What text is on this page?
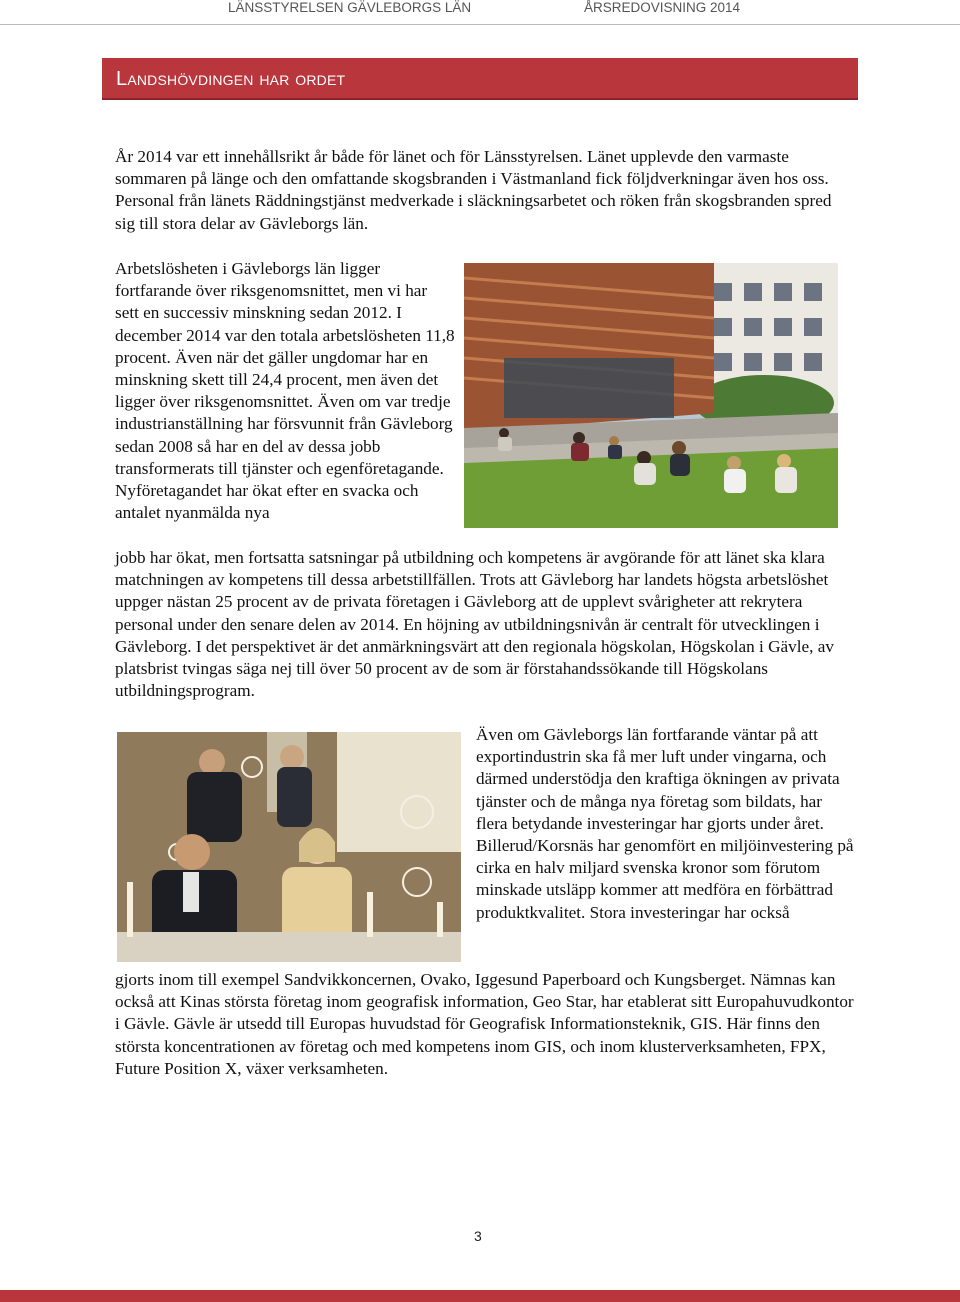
LÄNSSTYRELSEN GÄVLEBORGS LÄN	ÅRSREDOVISNING 2014
Landshövdingen har ordet

År 2014 var ett innehållsrikt år både för länet och för Länsstyrelsen. Länet upplevde den varmaste sommaren på länge och den omfattande skogsbranden i Västmanland fick följdverkningar även hos oss. Personal från länets Räddningstjänst medverkade i släckningsarbetet och röken från skogsbranden spred sig till stora delar av Gävleborgs län.

Arbetslösheten i Gävleborgs län ligger fortfarande över riksgenomsnittet, men vi har sett en successiv minskning sedan 2012. I december 2014 var den totala arbetslösheten 11,8 procent. Även när det gäller ungdomar har en minskning skett till 24,4 procent, men även det ligger över riksgenomsnittet. Även om var tredje industrianställning har försvunnit från Gävleborg sedan 2008 så har en del av dessa jobb transformerats till tjänster och egenföretagande. Nyföretagandet har ökat efter en svacka och antalet nyanmälda nya

jobb har ökat, men fortsatta satsningar på utbildning och kompetens är avgörande för att länet ska klara matchningen av kompetens till dessa arbetstillfällen. Trots att Gävleborg har landets högsta arbetslöshet uppger nästan 25 procent av de privata företagen i Gävleborg att de upplevt svårigheter att rekrytera personal under den senare delen av 2014. En höjning av utbildningsnivån är centralt för utvecklingen i Gävleborg. I det perspektivet är det anmärkningsvärt att den regionala högskolan, Högskolan i Gävle, av platsbrist tvingas säga nej till över 50 procent av de som är förstahandssökande till Högskolans utbildningsprogram.

Även om Gävleborgs län fortfarande väntar på att exportindustrin ska få mer luft under vingarna, och därmed understödja den kraftiga ökningen av privata tjänster och de många nya företag som bildats, har flera betydande investeringar har gjorts under året. Billerud/Korsnäs har genomfört en miljöinvestering på cirka en halv miljard svenska kronor som förutom minskade utsläpp kommer att medföra en förbättrad produktkvalitet. Stora investeringar har också

gjorts inom till exempel Sandvikkoncernen, Ovako, Iggesund Paperboard och Kungsberget. Nämnas kan också att Kinas största företag inom geografisk information, Geo Star, har etablerat sitt Europahuvudkontor i Gävle. Gävle är utsedd till Europas huvudstad för Geografisk Informationsteknik, GIS. Här finns den största koncentrationen av företag och med kompetens inom GIS, och inom klusterverksamheten, FPX, Future Position X, växer verksamheten.

3
